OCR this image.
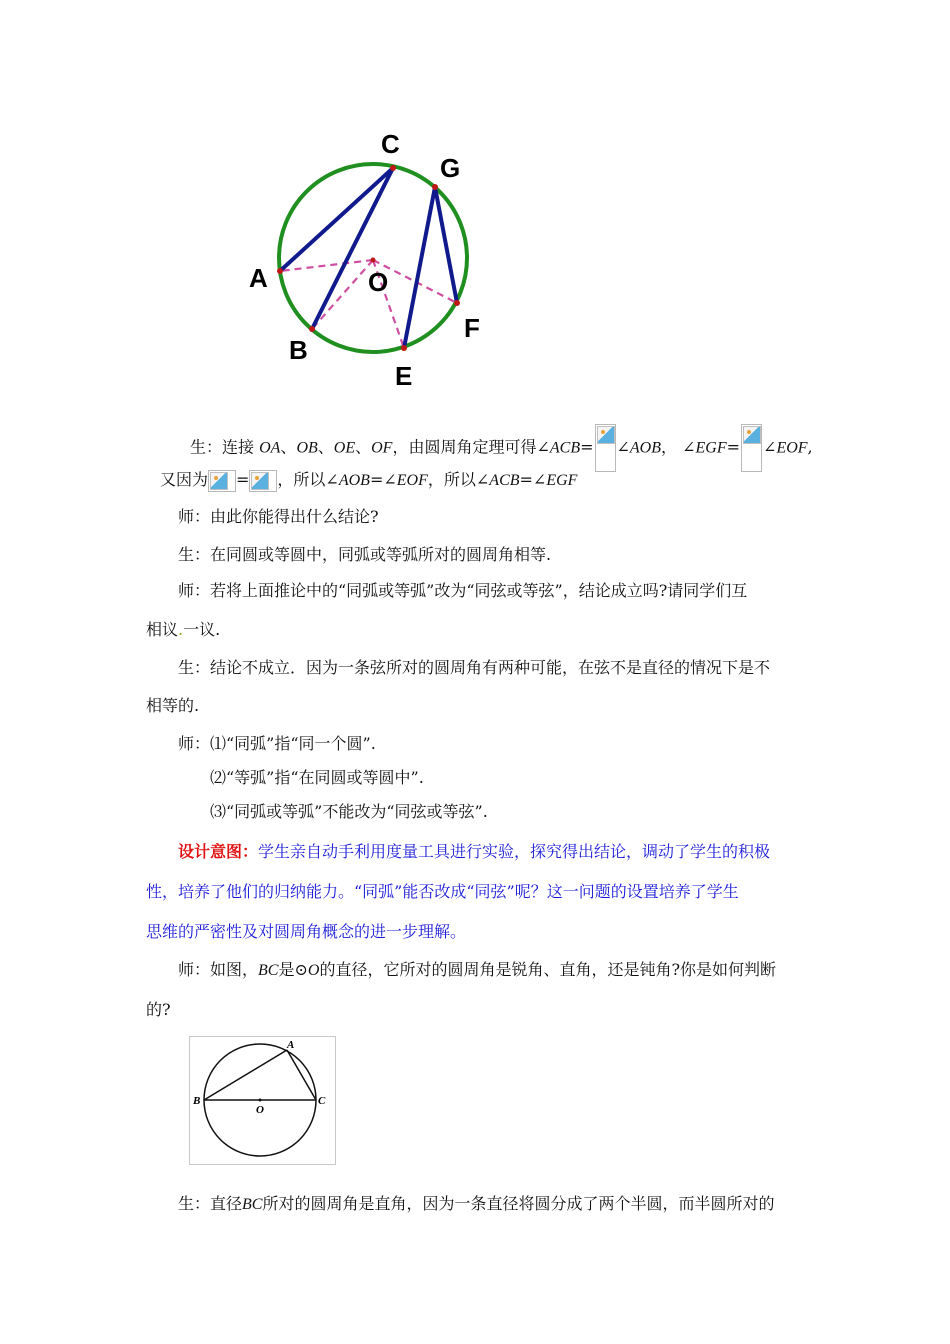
C
G
A	O
F
B
E
生：连接 OA、OB、OE、OF，由圆周角定理可得∠ACB= ∠AOB， ∠EGF= ∠EOF,
又因为 = ，所以∠AOB=∠EOF，所以∠ACB=∠EGF
师：由此你能得出什么结论?
生：在同圆或等圆中，同弧或等弧所对的圆周角相等.
师：若将上面推论中的“同弧或等弧”改为“同弦或等弦”，结论成立吗?请同学们互
相议.一议.
生：结论不成立．因为一条弦所对的圆周角有两种可能，在弦不是直径的情况下是不
相等的.
师：⑴“同弧”指“同一个圆”.
⑵“等弧”指“在同圆或等圆中”.
⑶“同弧或等弧”不能改为“同弦或等弦”.
设计意图：学生亲自动手利用度量工具进行实验，探究得出结论，调动了学生的积极
性，培养了他们的归纳能力。“同弧”能否改成“同弦”呢？这一问题的设置培养了学生
思维的严密性及对圆周角概念的进一步理解。
师：如图，BC是⊙O的直径，它所对的圆周角是锐角、直角，还是钝角?你是如何判断
的?
A
B
O
C
生：直径BC所对的圆周角是直角，因为一条直径将圆分成了两个半圆，而半圆所对的
